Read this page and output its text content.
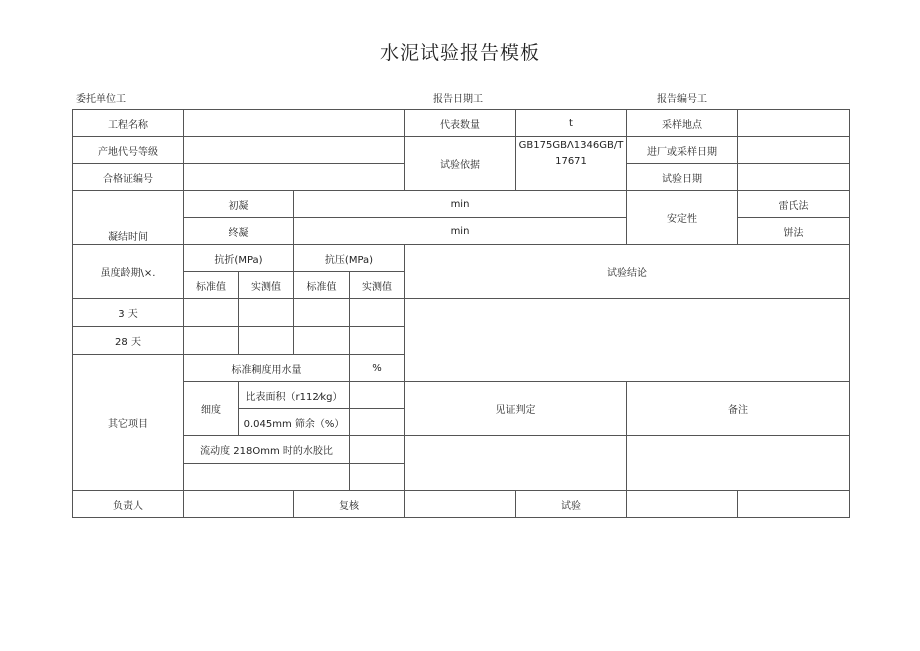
水泥试验报告模板
委托单位工	报告日期工	报告编号工
工程名称					代表数量	t	采样地点		
产地代号等级					试验依据	GB175GBΛ1346GB/T17671	进厂或采样日期		
合格证编号							试验日期		
凝结时间	初凝		min				安定性	雷氏法	
	终凝		min					饼法	
虽度龄期\×.	抗折(MPa)		抗压(MPa)		试验结论				
	标准值	实测值	标准值	实测值					
3 天									
28 天									
其它项目	标准稠度用水量			%					
	细度	比表面积（r112⁄kg）			见证判定		备注		
		0.045mm 筛余（%）							
	流动度 218Omm 时的水胶比								

负责人			复核			试验			
